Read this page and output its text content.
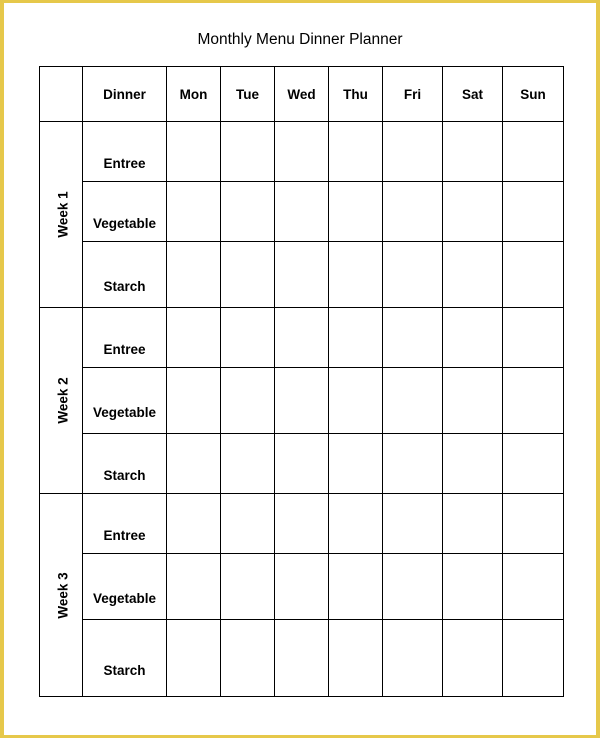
Monthly Menu Dinner Planner
	Dinner	Mon	Tue	Wed	Thu	Fri	Sat	Sun
Week 1	Entree							

	Vegetable							

	Starch							

Week 2	Entree							

	Vegetable							

	Starch							

Week 3	Entree							

	Vegetable							

	Starch							
